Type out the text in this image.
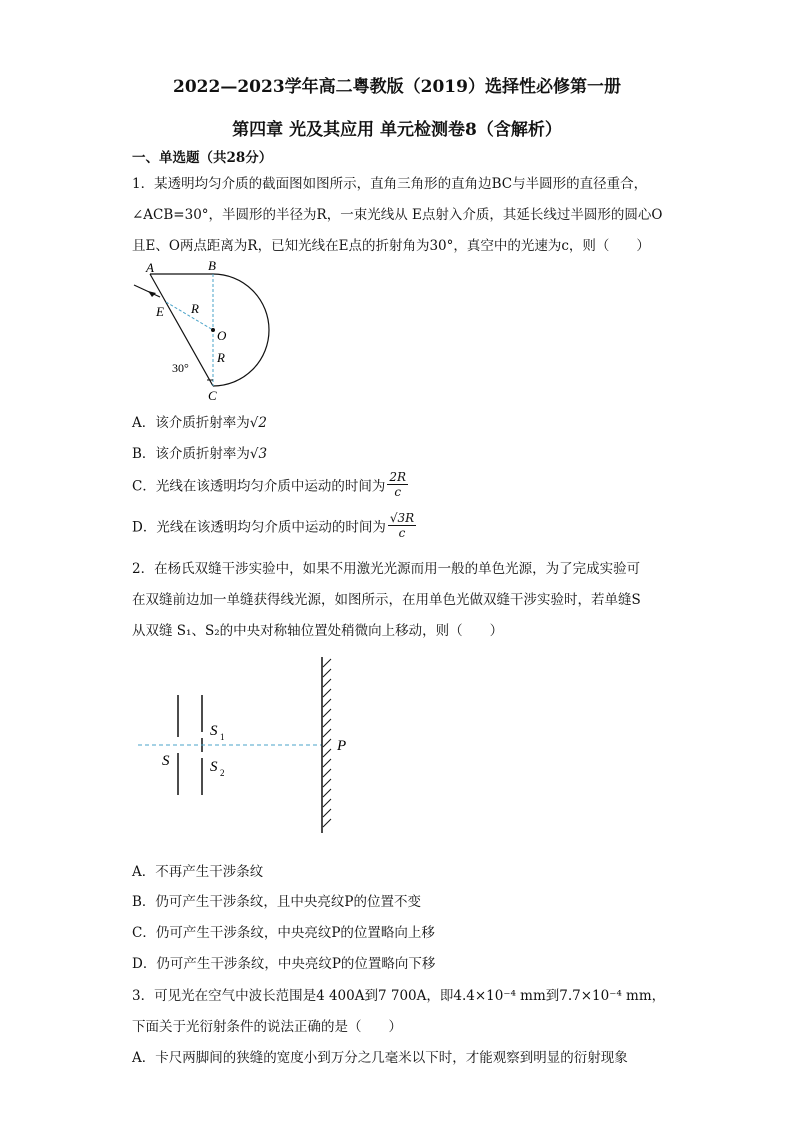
2022—2023学年高二粤教版（2019）选择性必修第一册
第四章 光及其应用 单元检测卷8（含解析）
一、单选题（共28分）
1．某透明均匀介质的截面图如图所示，直角三角形的直角边BC与半圆形的直径重合，
∠ACB=30°，半圆形的半径为R，一束光线从 E点射入介质，其延长线过半圆形的圆心O
且E、O两点距离为R，已知光线在E点的折射角为30°，真空中的光速为c，则（　　）
A	B
C
E
O
R
R
30°
A．该介质折射率为√2
B．该介质折射率为√3
C．光线在该透明均匀介质中运动的时间为 $\frac{2R}{c}$
D．光线在该透明均匀介质中运动的时间为 $\frac{√3R}{c}$
2．在杨氏双缝干涉实验中，如果不用激光光源而用一般的单色光源，为了完成实验可
在双缝前边加一单缝获得线光源，如图所示，在用单色光做双缝干涉实验时，若单缝S
从双缝 S₁、S₂的中央对称轴位置处稍微向上移动，则（　　）
S
S 1
S 2
P
A．不再产生干涉条纹
B．仍可产生干涉条纹，且中央亮纹P的位置不变
C．仍可产生干涉条纹，中央亮纹P的位置略向上移
D．仍可产生干涉条纹，中央亮纹P的位置略向下移
3．可见光在空气中波长范围是4 400A到7 700A，即4.4×10⁻⁴ mm到7.7×10⁻⁴ mm，
下面关于光衍射条件的说法正确的是（　　）
A．卡尺两脚间的狭缝的宽度小到万分之几毫米以下时，才能观察到明显的衍射现象
